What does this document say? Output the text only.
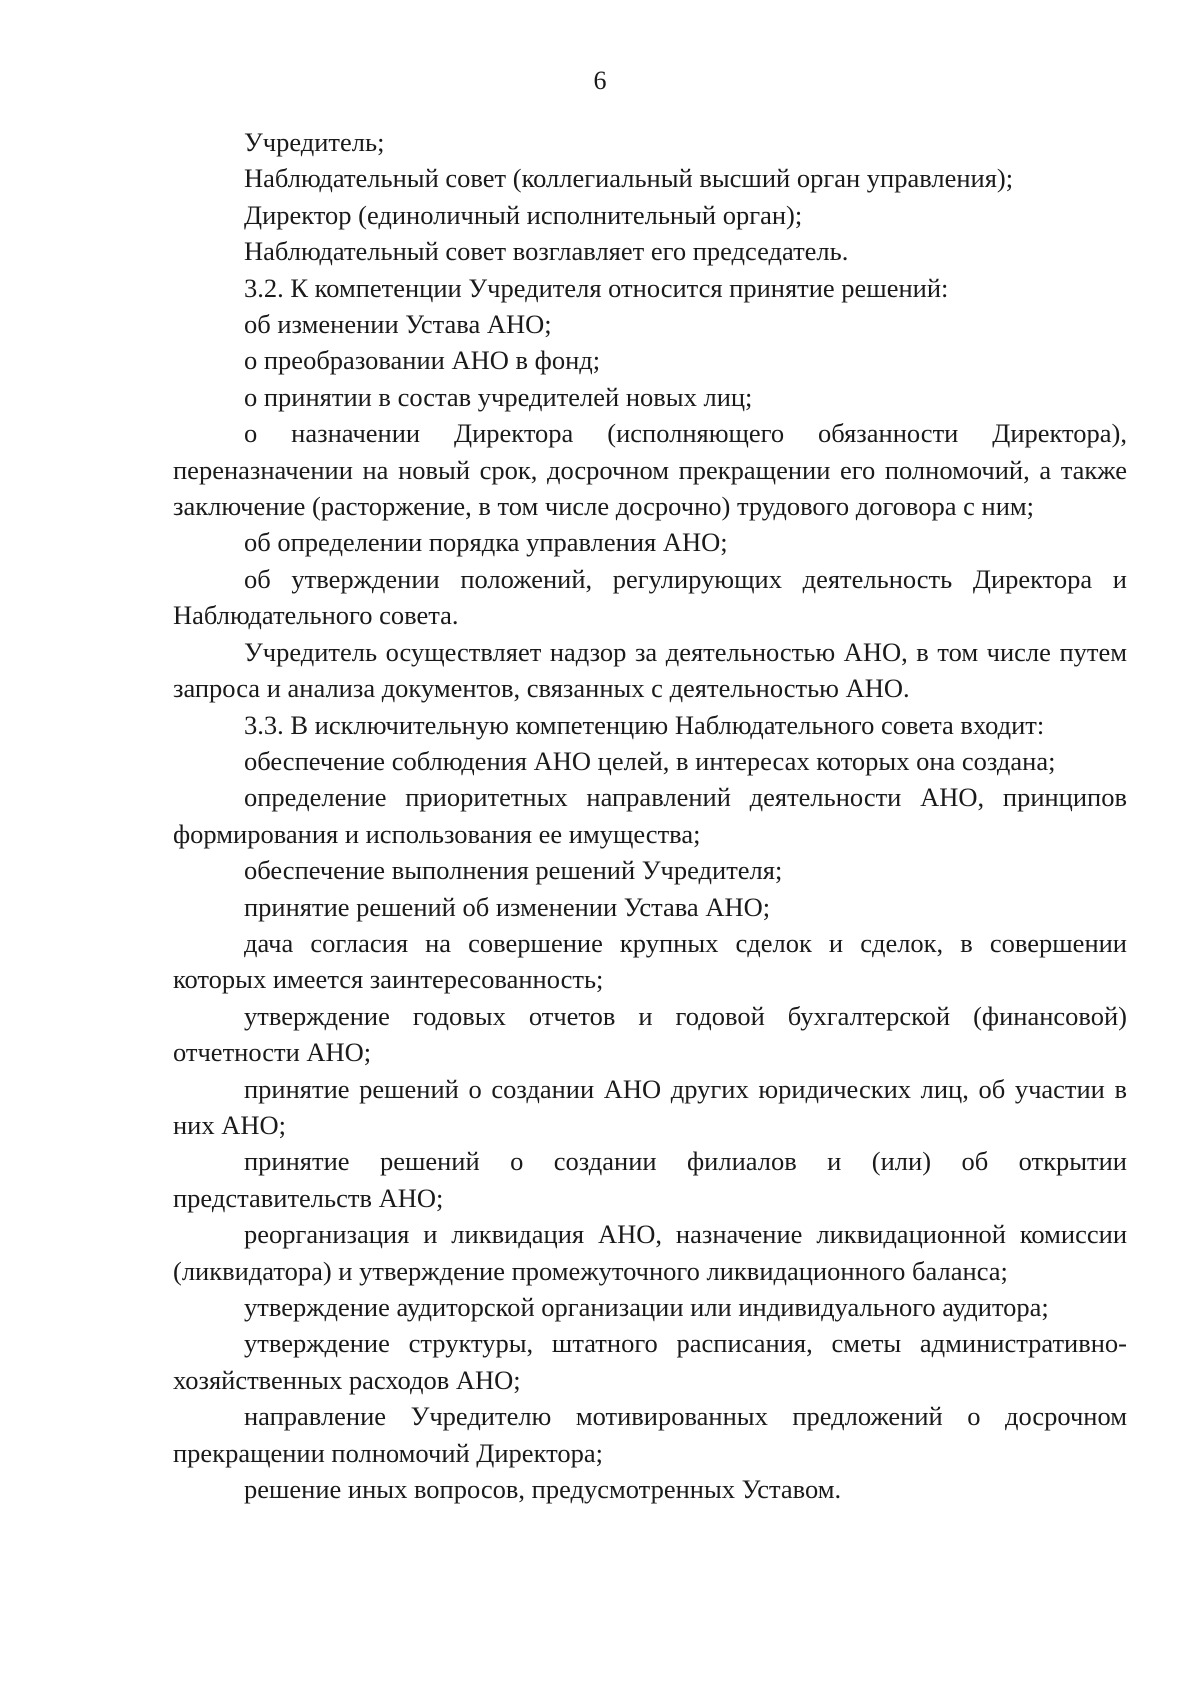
6

Учредитель;

Наблюдательный совет (коллегиальный высший орган управления);

Директор (единоличный исполнительный орган);

Наблюдательный совет возглавляет его председатель.

3.2. К компетенции Учредителя относится принятие решений:

об изменении Устава АНО;

о преобразовании АНО в фонд;

о принятии в состав учредителей новых лиц;

о назначении Директора (исполняющего обязанности Директора), переназначении на новый срок, досрочном прекращении его полномочий, а также заключение (расторжение, в том числе досрочно) трудового договора с ним;

об определении порядка управления АНО;

об утверждении положений, регулирующих деятельность Директора и Наблюдательного совета.

Учредитель осуществляет надзор за деятельностью АНО, в том числе путем запроса и анализа документов, связанных с деятельностью АНО.

3.3. В исключительную компетенцию Наблюдательного совета входит:

обеспечение соблюдения АНО целей, в интересах которых она создана;

определение приоритетных направлений деятельности АНО, принципов формирования и использования ее имущества;

обеспечение выполнения решений Учредителя;

принятие решений об изменении Устава АНО;

дача согласия на совершение крупных сделок и сделок, в совершении которых имеется заинтересованность;

утверждение годовых отчетов и годовой бухгалтерской (финансовой) отчетности АНО;

принятие решений о создании АНО других юридических лиц, об участии в них АНО;

принятие решений о создании филиалов и (или) об открытии представительств АНО;

реорганизация и ликвидация АНО, назначение ликвидационной комиссии (ликвидатора) и утверждение промежуточного ликвидационного баланса;

утверждение аудиторской организации или индивидуального аудитора;

утверждение структуры, штатного расписания, сметы административно-хозяйственных расходов АНО;

направление Учредителю мотивированных предложений о досрочном прекращении полномочий Директора;

решение иных вопросов, предусмотренных Уставом.
